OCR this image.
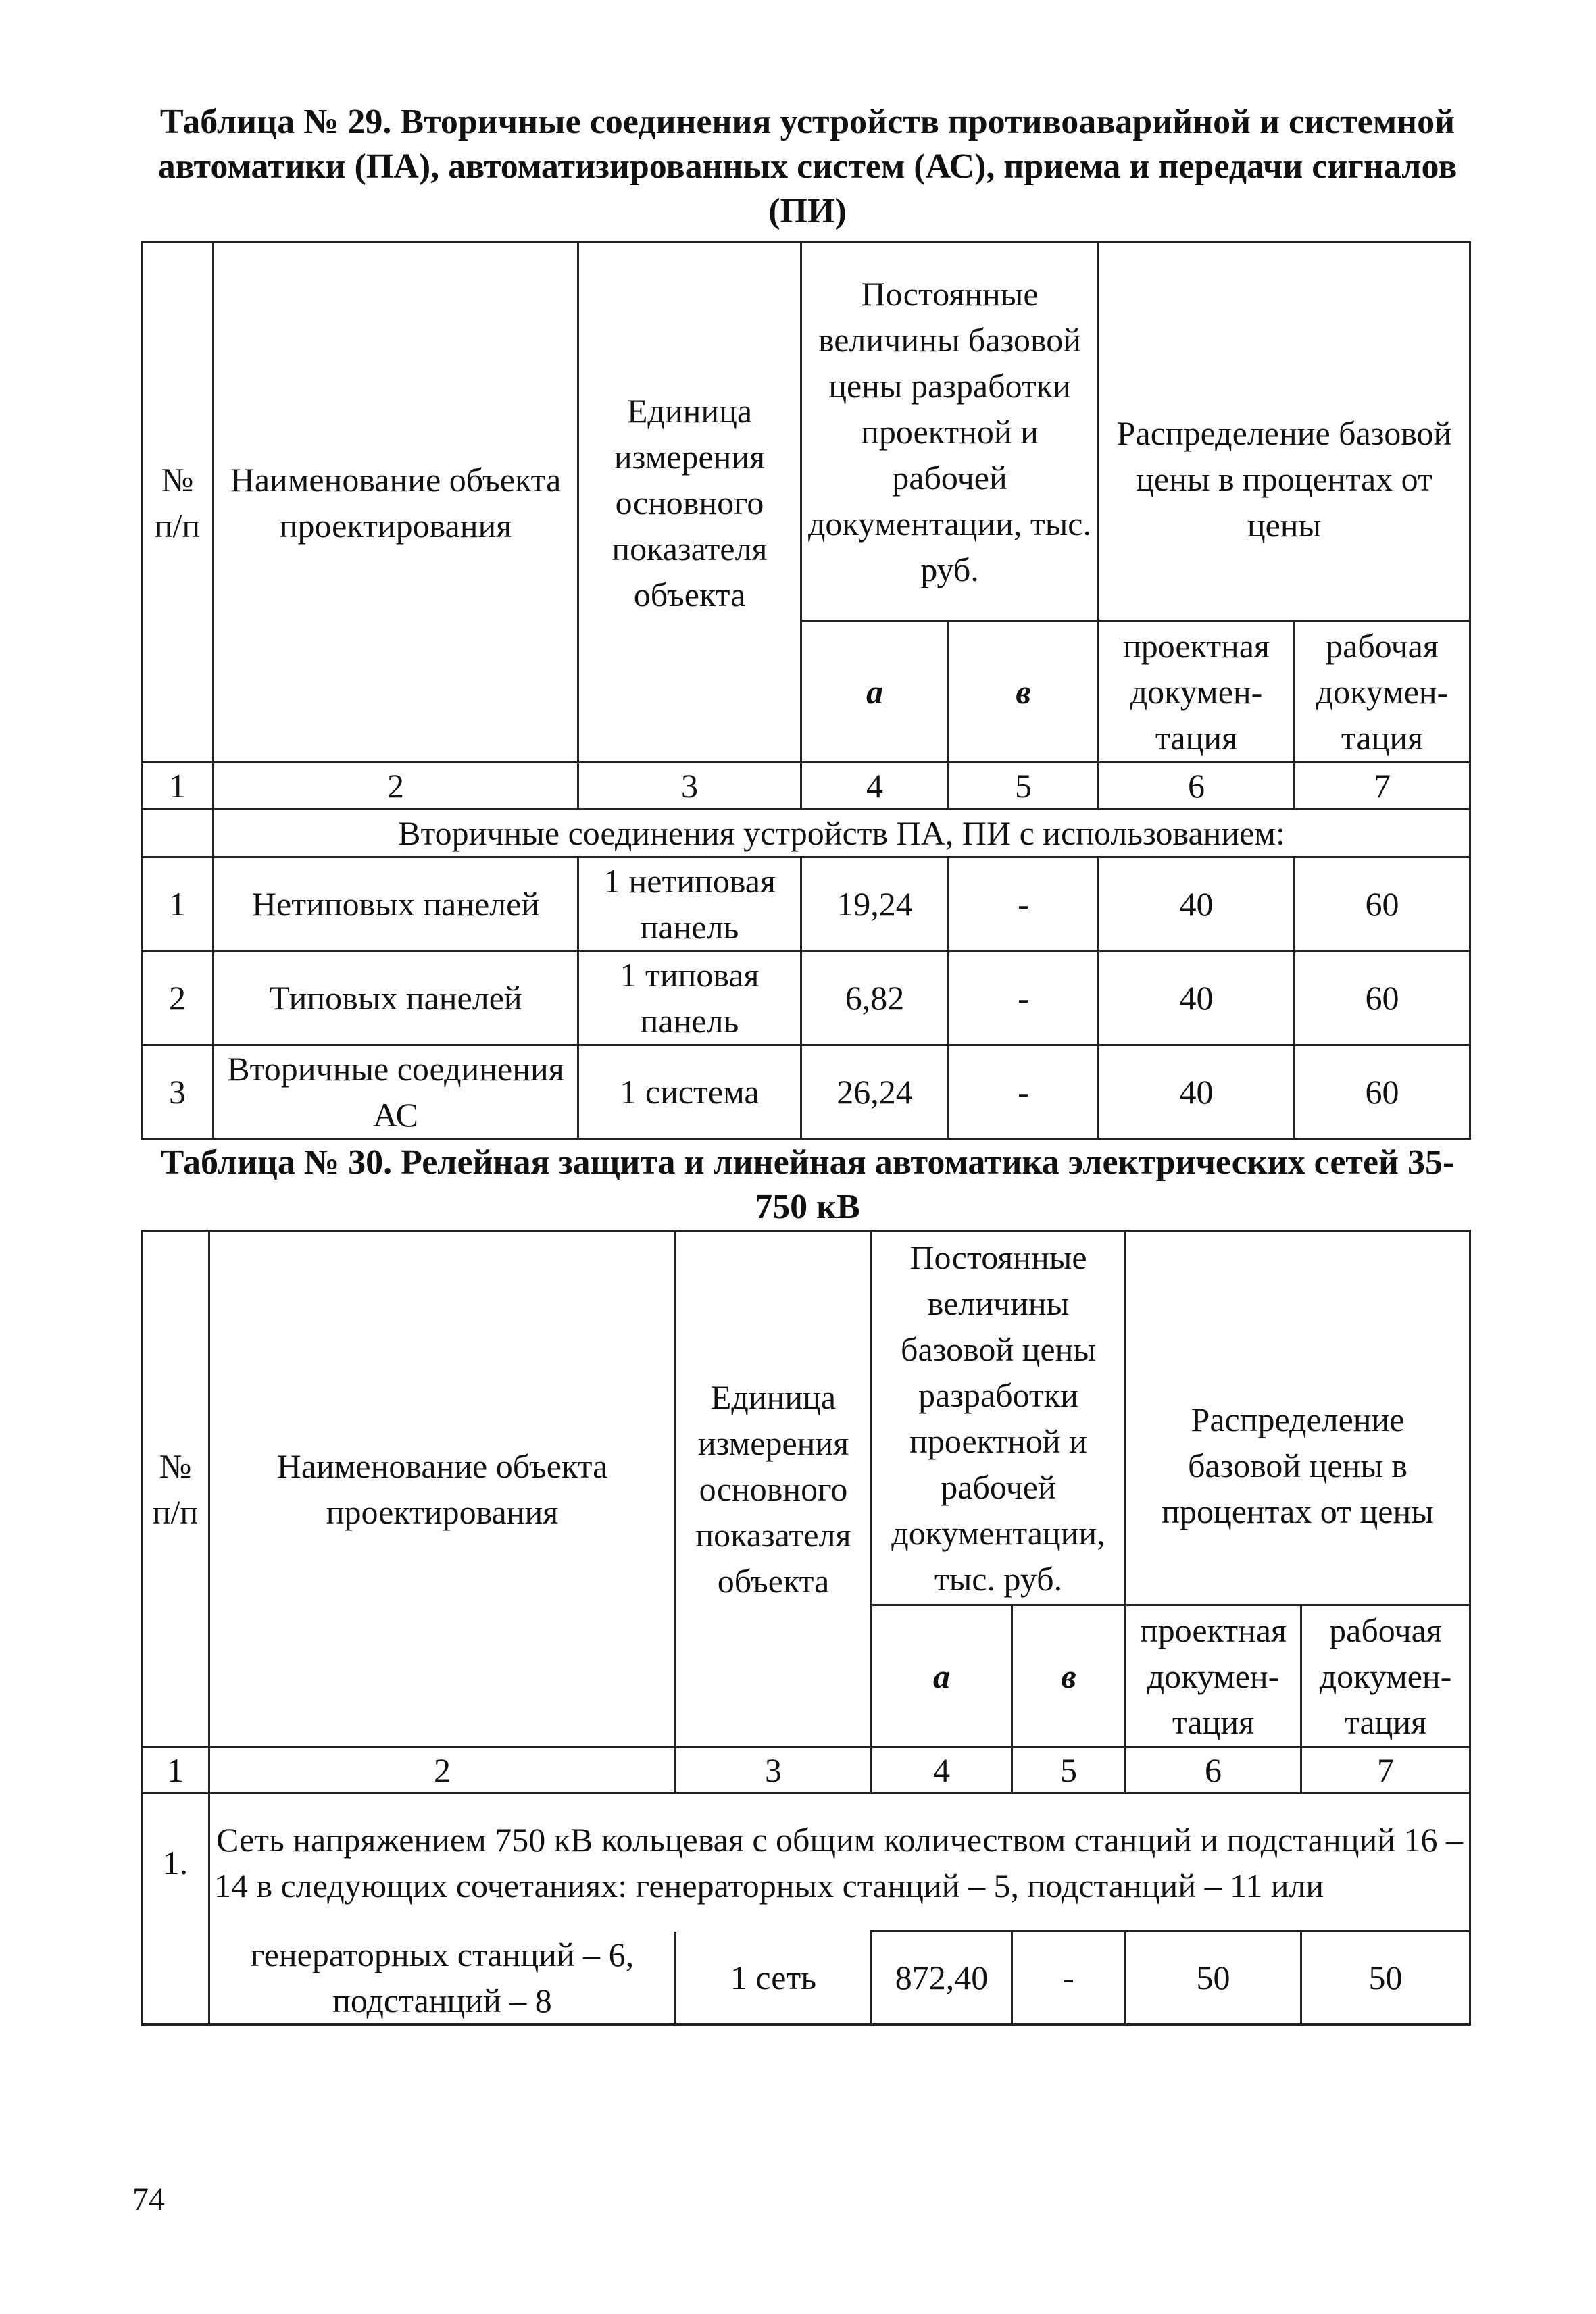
Таблица № 29. Вторичные соединения устройств противоаварийной и системной автоматики (ПА), автоматизированных систем (АС), приема и передачи сигналов (ПИ)
№ п/п	Наименование объекта проектирования	Единица измерения основного показателя объекта	Постоянные величины базовой цены разработки проектной и рабочей документации, тыс. руб.		Распределение базовой цены в процентах от цены	
			а	в	проектная докумен-тация	рабочая докумен-тация
1	2	3	4	5	6	7
	Вторичные соединения устройств ПА, ПИ с использованием:					
1	Нетиповых панелей	1 нетиповая панель	19,24	-	40	60
2	Типовых панелей	1 типовая панель	6,82	-	40	60
3	Вторичные соединения АС	1 система	26,24	-	40	60
Таблица № 30. Релейная защита и линейная автоматика электрических сетей 35-750 кВ
№ п/п	Наименование объекта проектирования	Единица измерения основного показателя объекта	Постоянные величины базовой цены разработки проектной и рабочей документации, тыс. руб.		Распределение базовой цены в процентах от цены	
			а	в	проектная докумен-тация	рабочая докумен-тация
1	2	3	4	5	6	7
1.	Сеть напряжением 750 кВ кольцевая с общим количеством станций и подстанций 16 – 14 в следующих сочетаниях: генераторных станций – 5, подстанций – 11 или					
	генераторных станций – 6, подстанций – 8	1 сеть	872,40	-	50	50
74
